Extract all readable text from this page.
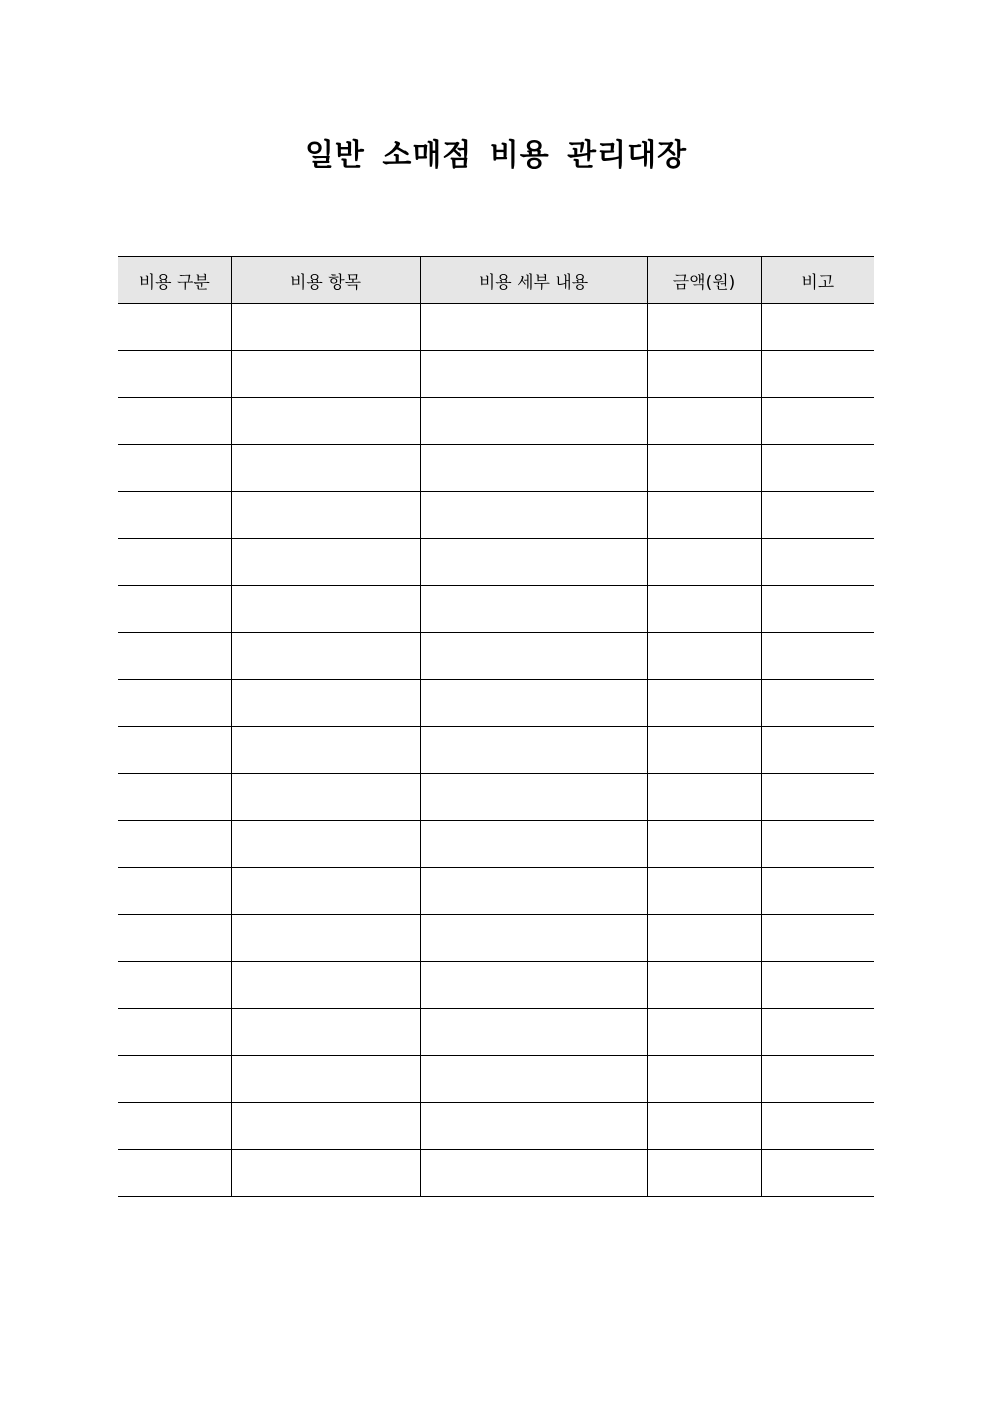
일반 소매점 비용 관리대장
비용 구분	비용 항목	비용 세부 내용	금액(원)	비고
